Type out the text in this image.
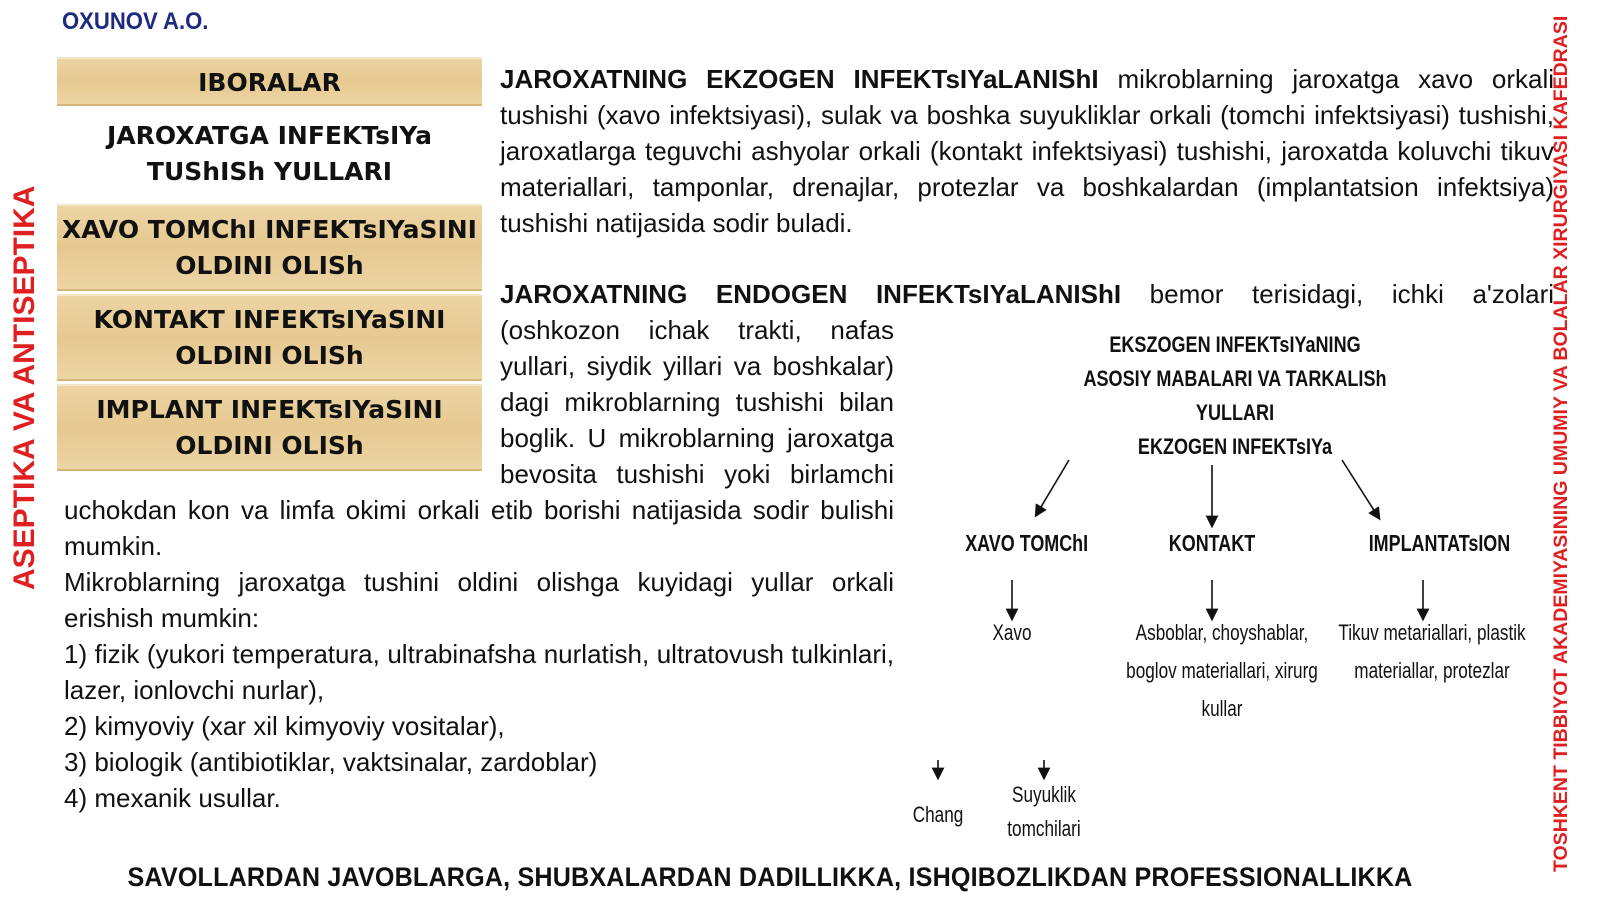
OXUNOV A.O.
ASEPTIKA VA ANTISEPTIKA	TOSHKENT TIBBIYOT AKADEMIYASINING UMUMIY VA BOLALAR XIRURGIYASI KAFEDRASI
IBORALAR
JAROXATGA INFEKTsIYa
TUShISh YULLARI
XAVO TOMChI INFEKTsIYaSINI
OLDINI OLISh
KONTAKT INFEKTsIYaSINI
OLDINI OLISh
IMPLANT INFEKTsIYaSINI
OLDINI OLISh
JAROXATNING EKZOGEN INFEKTsIYaLANIShI mikroblarning jaroxatga xavo orkali tushishi (xavo infektsiyasi), sulak va boshka suyukliklar orkali (tomchi infektsiyasi) tushishi, jaroxatlarga teguvchi ashyolar orkali (kontakt infektsiyasi) tushishi, jaroxatda koluvchi tikuv materiallari, tamponlar, drenajlar, protezlar va boshkalardan (implantatsion infektsiya) tushishi natijasida sodir buladi.
JAROXATNING ENDOGEN INFEKTsIYaLANIShI bemor terisidagi, ichki a'zolari
(oshkozon ichak trakti, nafas
yullari, siydik yillari va boshkalar)
dagi mikroblarning tushishi bilan
boglik. U mikroblarning jaroxatga
bevosita tushishi yoki birlamchi
uchokdan kon va limfa okimi orkali etib borishi natijasida sodir bulishi mumkin.
Mikroblarning jaroxatga tushini oldini olishga kuyidagi yullar orkali erishish mumkin:
1) fizik (yukori temperatura, ultrabinafsha nurlatish, ultratovush tulkinlari, lazer, ionlovchi nurlar),
2) kimyoviy (xar xil kimyoviy vositalar),
3) biologik (antibiotiklar, vaktsinalar, zardoblar)
4) mexanik usullar.
EKSZOGEN INFEKTsIYaNING
ASOSIY MABALARI VA TARKALISh YULLARI
EKZOGEN INFEKTsIYa
XAVO TOMChI	KONTAKT	IMPLANTATsION
Xavo	Asboblar, choyshablar,
boglov materiallari, xirurg
kullar
Tikuv metariallari, plastik
materiallar, protezlar
Chang
Suyuklik
tomchilari
SAVOLLARDAN JAVOBLARGA, SHUBXALARDAN DADILLIKKA, ISHQIBOZLIKDAN PROFESSIONALLIKKA
